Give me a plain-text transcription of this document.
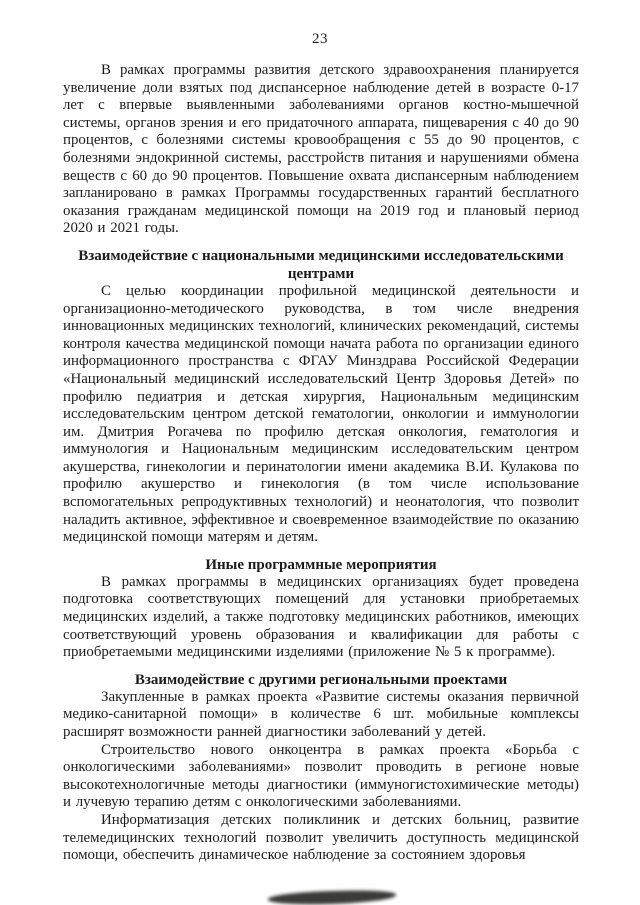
23

В рамках программы развития детского здравоохранения планируется увеличение доли взятых под диспансерное наблюдение детей в возрасте 0-17 лет с впервые выявленными заболеваниями органов костно-мышечной системы, органов зрения и его придаточного аппарата, пищеварения с 40 до 90 процентов, с болезнями системы кровообращения с 55 до 90 процентов, с болезнями эндокринной системы, расстройств питания и нарушениями обмена веществ с 60 до 90 процентов. Повышение охвата диспансерным наблюдением запланировано в рамках Программы государственных гарантий бесплатного оказания гражданам медицинской помощи на 2019 год и плановый период 2020 и 2021 годы.

Взаимодействие с национальными медицинскими исследовательскими центрами

С целью координации профильной медицинской деятельности и организационно-методического руководства, в том числе внедрения инновационных медицинских технологий, клинических рекомендаций, системы контроля качества медицинской помощи начата работа по организации единого информационного пространства с ФГАУ Минздрава Российской Федерации «Национальный медицинский исследовательский Центр Здоровья Детей» по профилю педиатрия и детская хирургия, Национальным медицинским исследовательским центром детской гематологии, онкологии и иммунологии им. Дмитрия Рогачева по профилю детская онкология, гематология и иммунология и Национальным медицинским исследовательским центром акушерства, гинекологии и перинатологии имени академика В.И. Кулакова по профилю акушерство и гинекология (в том числе использование вспомогательных репродуктивных технологий) и неонатология, что позволит наладить активное, эффективное и своевременное взаимодействие по оказанию медицинской помощи матерям и детям.

Иные программные мероприятия

В рамках программы в медицинских организациях будет проведена подготовка соответствующих помещений для установки приобретаемых медицинских изделий, а также подготовку медицинских работников, имеющих соответствующий уровень образования и квалификации для работы с приобретаемыми медицинскими изделиями (приложение № 5 к программе).

Взаимодействие с другими региональными проектами

Закупленные в рамках проекта «Развитие системы оказания первичной медико-санитарной помощи» в количестве 6 шт. мобильные комплексы расширят возможности ранней диагностики заболеваний у детей.

Строительство нового онкоцентра в рамках проекта «Борьба с онкологическими заболеваниями» позволит проводить в регионе новые высокотехнологичные методы диагностики (иммуногистохимические методы) и лучевую терапию детям с онкологическими заболеваниями.

Информатизация детских поликлиник и детских больниц, развитие телемедицинских технологий позволит увеличить доступность медицинской помощи, обеспечить динамическое наблюдение за состоянием здоровья
